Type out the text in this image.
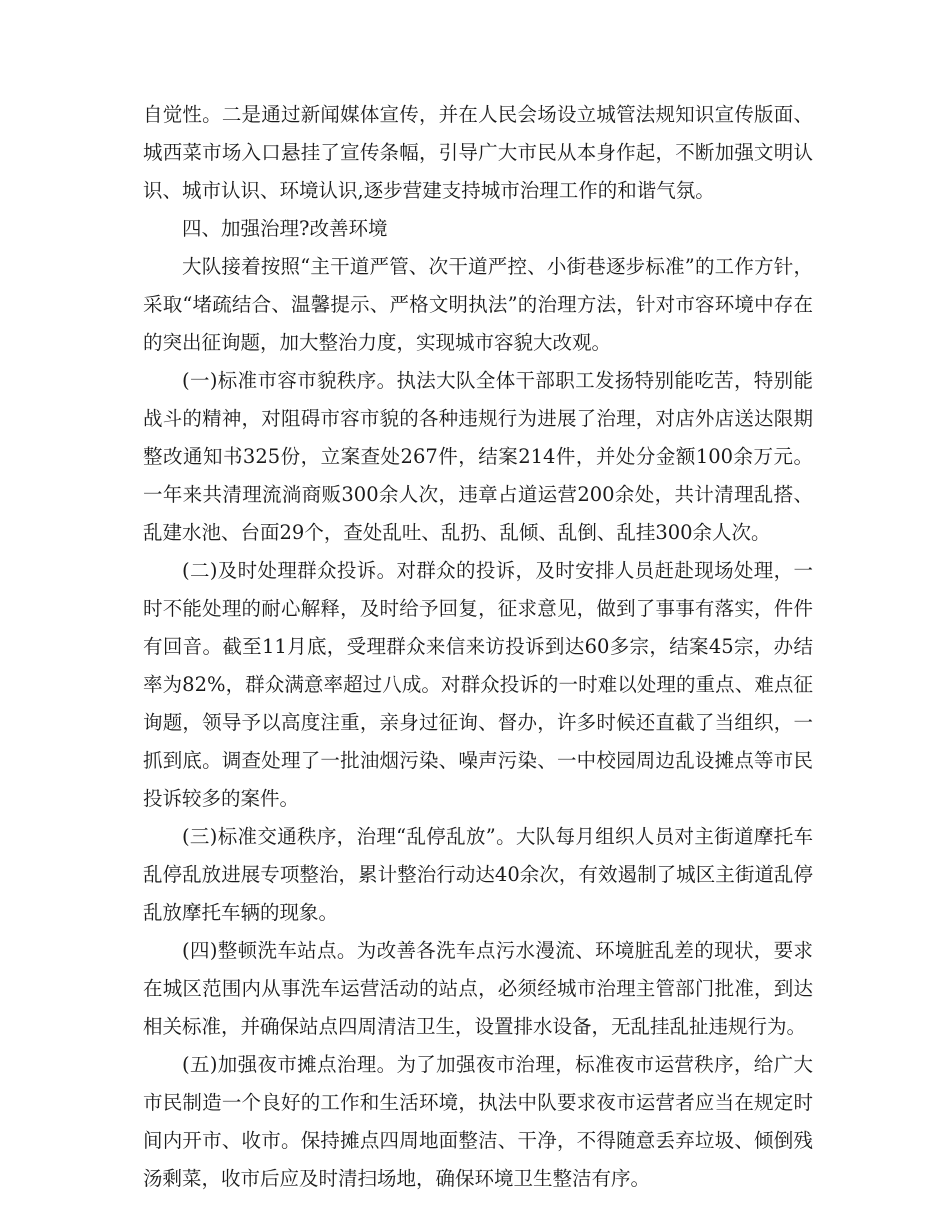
自觉性。二是通过新闻媒体宣传，并在人民会场设立城管法规知识宣传版面、城西菜市场入口悬挂了宣传条幅，引导广大市民从本身作起，不断加强文明认识、城市认识、环境认识,逐步营建支持城市治理工作的和谐气氛。

四、加强治理?改善环境

大队接着按照“主干道严管、次干道严控、小街巷逐步标准”的工作方针，采取“堵疏结合、温馨提示、严格文明执法”的治理方法，针对市容环境中存在的突出征询题，加大整治力度，实现城市容貌大改观。

(一)标准市容市貌秩序。执法大队全体干部职工发扬特别能吃苦，特别能战斗的精神，对阻碍市容市貌的各种违规行为进展了治理，对店外店送达限期整改通知书325份，立案查处267件，结案214件，并处分金额100余万元。一年来共清理流淌商贩300余人次，违章占道运营200余处，共计清理乱搭、乱建水池、台面29个，查处乱吐、乱扔、乱倾、乱倒、乱挂300余人次。

(二)及时处理群众投诉。对群众的投诉，及时安排人员赶赴现场处理，一时不能处理的耐心解释，及时给予回复，征求意见，做到了事事有落实，件件有回音。截至11月底，受理群众来信来访投诉到达60多宗，结案45宗，办结率为82%，群众满意率超过八成。对群众投诉的一时难以处理的重点、难点征询题，领导予以高度注重，亲身过征询、督办，许多时候还直截了当组织，一抓到底。调查处理了一批油烟污染、噪声污染、一中校园周边乱设摊点等市民投诉较多的案件。

(三)标准交通秩序，治理“乱停乱放”。大队每月组织人员对主街道摩托车乱停乱放进展专项整治，累计整治行动达40余次，有效遏制了城区主街道乱停乱放摩托车辆的现象。

(四)整顿洗车站点。为改善各洗车点污水漫流、环境脏乱差的现状，要求在城区范围内从事洗车运营活动的站点，必须经城市治理主管部门批准，到达相关标准，并确保站点四周清洁卫生，设置排水设备，无乱挂乱扯违规行为。

(五)加强夜市摊点治理。为了加强夜市治理，标准夜市运营秩序，给广大市民制造一个良好的工作和生活环境，执法中队要求夜市运营者应当在规定时间内开市、收市。保持摊点四周地面整洁、干净，不得随意丢弃垃圾、倾倒残汤剩菜，收市后应及时清扫场地，确保环境卫生整洁有序。
